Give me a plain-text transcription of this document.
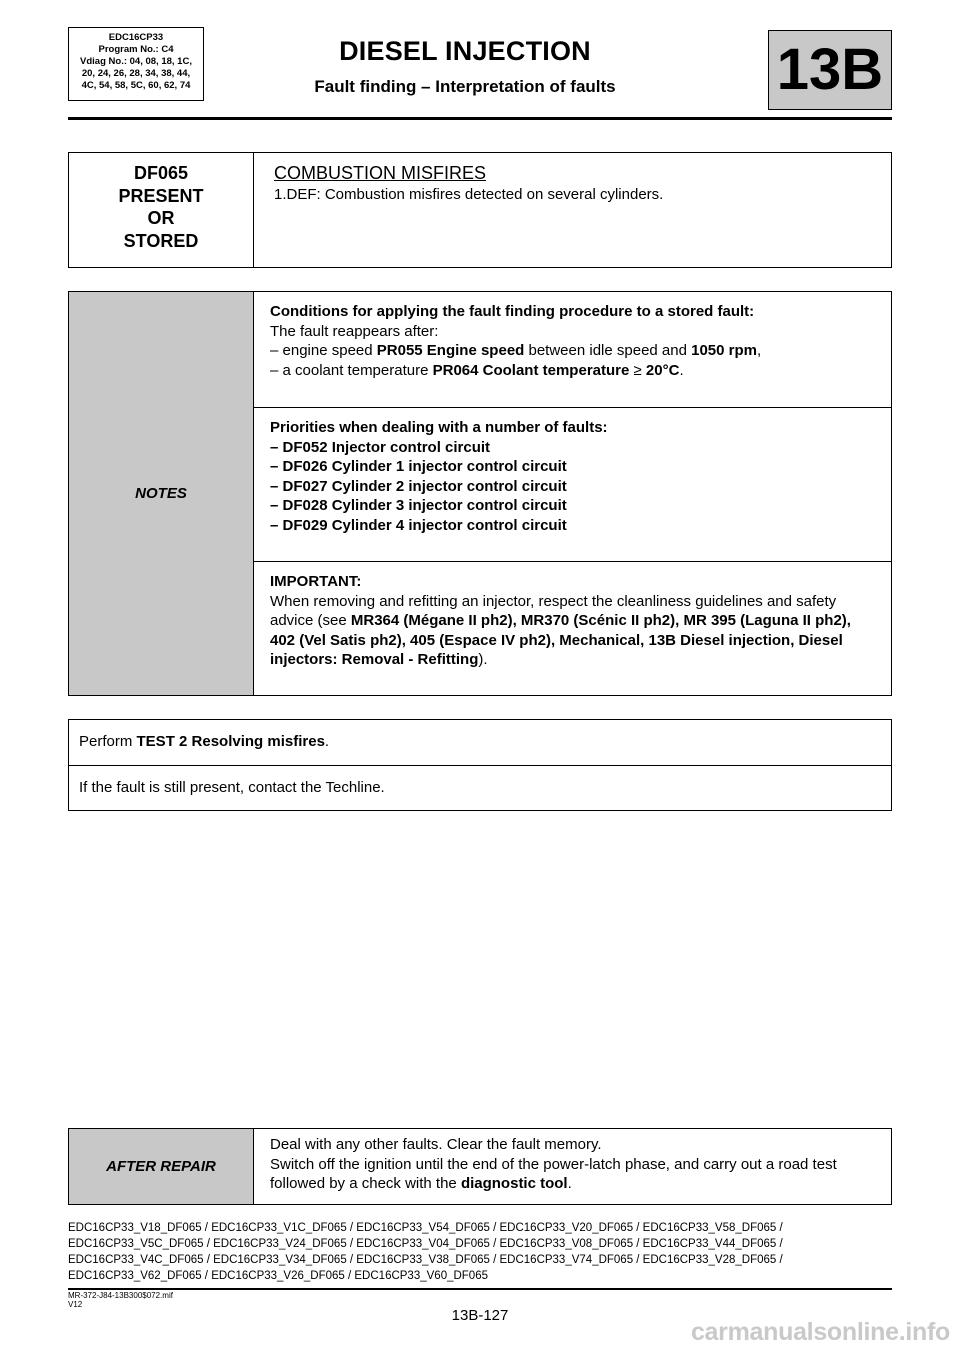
EDC16CP33
Program No.: C4
Vdiag No.: 04, 08, 18, 1C,
20, 24, 26, 28, 34, 38, 44,
4C, 54, 58, 5C, 60, 62, 74
DIESEL INJECTION
Fault finding – Interpretation of faults	13B
DF065
PRESENT
OR
STORED

COMBUSTION MISFIRES
1.DEF: Combustion misfires detected on several cylinders.
NOTES	
Conditions for applying the fault finding procedure to a stored fault:
The fault reappears after:
– engine speed PR055 Engine speed between idle speed and 1050 rpm,
– a coolant temperature PR064 Coolant temperature ≥ 20°C.

Priorities when dealing with a number of faults:
– DF052 Injector control circuit
– DF026 Cylinder 1 injector control circuit
– DF027 Cylinder 2 injector control circuit
– DF028 Cylinder 3 injector control circuit
– DF029 Cylinder 4 injector control circuit

IMPORTANT:
When removing and refitting an injector, respect the cleanliness guidelines and safety advice (see MR364 (Mégane II ph2), MR370 (Scénic II ph2), MR 395 (Laguna II ph2), 402 (Vel Satis ph2), 405 (Espace IV ph2), Mechanical, 13B Diesel injection, Diesel injectors: Removal - Refitting).
Perform TEST 2 Resolving misfires.
If the fault is still present, contact the Techline.
AFTER REPAIR	
Deal with any other faults. Clear the fault memory.
Switch off the ignition until the end of the power-latch phase, and carry out a road test followed by a check with the diagnostic tool.
EDC16CP33_V18_DF065 / EDC16CP33_V1C_DF065 / EDC16CP33_V54_DF065 / EDC16CP33_V20_DF065 / EDC16CP33_V58_DF065 /
EDC16CP33_V5C_DF065 / EDC16CP33_V24_DF065 / EDC16CP33_V04_DF065 / EDC16CP33_V08_DF065 / EDC16CP33_V44_DF065 /
EDC16CP33_V4C_DF065 / EDC16CP33_V34_DF065 / EDC16CP33_V38_DF065 / EDC16CP33_V74_DF065 / EDC16CP33_V28_DF065 /
EDC16CP33_V62_DF065 / EDC16CP33_V26_DF065 / EDC16CP33_V60_DF065
MR-372-J84-13B300$072.mif
V12
13B-127
carmanualsonline.info
